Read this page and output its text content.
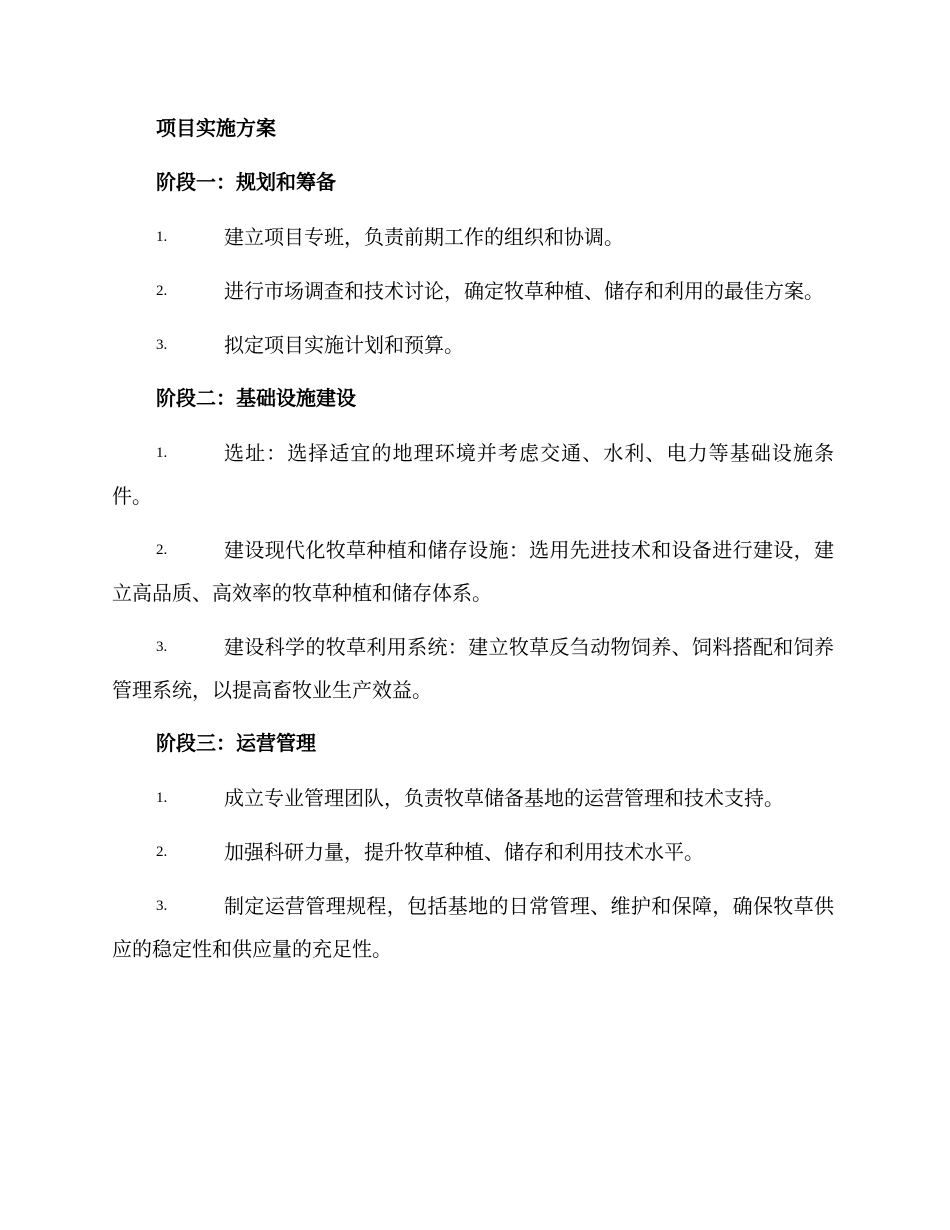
项目实施方案
阶段一：规划和筹备
1.	建立项目专班，负责前期工作的组织和协调。
2.	进行市场调查和技术讨论，确定牧草种植、储存和利用的最佳方案。
3.	拟定项目实施计划和预算。
阶段二：基础设施建设
1.	选址：选择适宜的地理环境并考虑交通、水利、电力等基础设施条件。
2.	建设现代化牧草种植和储存设施：选用先进技术和设备进行建设，建立高品质、高效率的牧草种植和储存体系。
3.	建设科学的牧草利用系统：建立牧草反刍动物饲养、饲料搭配和饲养管理系统，以提高畜牧业生产效益。
阶段三：运营管理
1.	成立专业管理团队，负责牧草储备基地的运营管理和技术支持。
2.	加强科研力量，提升牧草种植、储存和利用技术水平。
3.	制定运营管理规程，包括基地的日常管理、维护和保障，确保牧草供应的稳定性和供应量的充足性。
